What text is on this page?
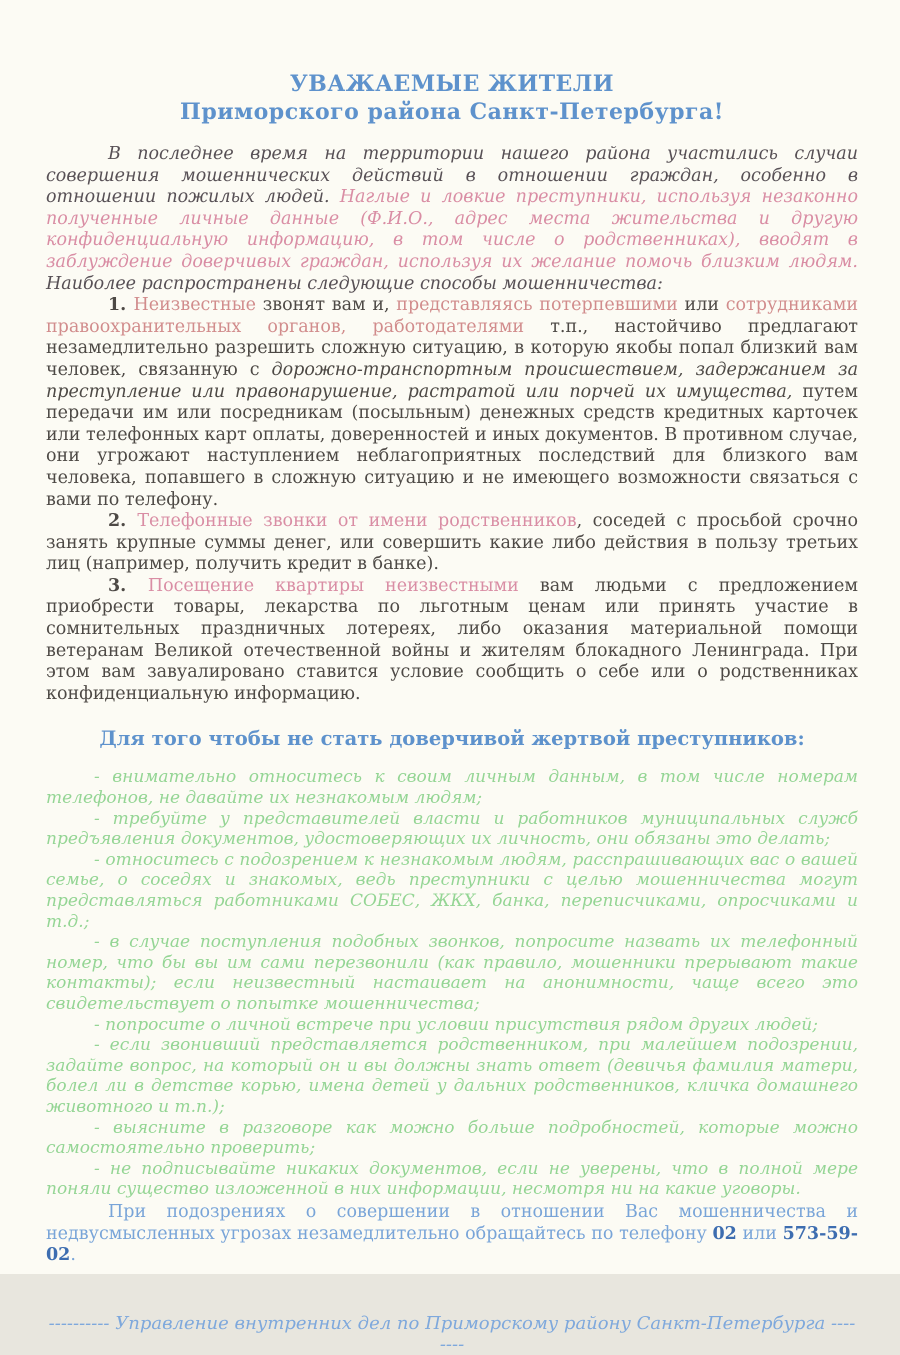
УВАЖАЕМЫЕ ЖИТЕЛИ
Приморского района Санкт-Петербурга!

В последнее время на территории нашего района участились случаи совершения мошеннических действий в отношении граждан, особенно в отношении пожилых людей. Наглые и ловкие преступники, используя незаконно полученные личные данные (Ф.И.О., адрес места жительства и другую конфиденциальную информацию, в том числе о родственниках), вводят в заблуждение доверчивых граждан, используя их желание помочь близким людям. Наиболее распространены следующие способы мошенничества:

1. Неизвестные звонят вам и, представляясь потерпевшими или сотрудниками правоохранительных органов, работодателями т.п., настойчиво предлагают незамедлительно разрешить сложную ситуацию, в которую якобы попал близкий вам человек, связанную с дорожно-транспортным происшествием, задержанием за преступление или правонарушение, растратой или порчей их имущества, путем передачи им или посредникам (посыльным) денежных средств кредитных карточек или телефонных карт оплаты, доверенностей и иных документов. В противном случае, они угрожают наступлением неблагоприятных последствий для близкого вам человека, попавшего в сложную ситуацию и не имеющего возможности связаться с вами по телефону.

2. Телефонные звонки от имени родственников, соседей с просьбой срочно занять крупные суммы денег, или совершить какие либо действия в пользу третьих лиц (например, получить кредит в банке).

3. Посещение квартиры неизвестными вам людьми с предложением приобрести товары, лекарства по льготным ценам или принять участие в сомнительных праздничных лотереях, либо оказания материальной помощи ветеранам Великой отечественной войны и жителям блокадного Ленинграда. При этом вам завуалировано ставится условие сообщить о себе или о родственниках конфиденциальную информацию.

Для того чтобы не стать доверчивой жертвой преступников:

- внимательно относитесь к своим личным данным, в том числе номерам телефонов, не давайте их незнакомым людям;

- требуйте у представителей власти и работников муниципальных служб предъявления документов, удостоверяющих их личность, они обязаны это делать;

- относитесь с подозрением к незнакомым людям, расспрашивающих вас о вашей семье, о соседях и знакомых, ведь преступники с целью мошенничества могут представляться работниками СОБЕС, ЖКХ, банка, переписчиками, опросчиками и т.д.;

- в случае поступления подобных звонков, попросите назвать их телефонный номер, что бы вы им сами перезвонили (как правило, мошенники прерывают такие контакты); если неизвестный настаивает на анонимности, чаще всего это свидетельствует о попытке мошенничества;

- попросите о личной встрече при условии присутствия рядом других людей;

- если звонивший представляется родственником, при малейшем подозрении, задайте вопрос, на который он и вы должны знать ответ (девичья фамилия матери, болел ли в детстве корью, имена детей у дальних родственников, кличка домашнего животного и т.п.);

- выясните в разговоре как можно больше подробностей, которые можно самостоятельно проверить;

- не подписывайте никаких документов, если не уверены, что в полной мере поняли существо изложенной в них информации, несмотря ни на какие уговоры.

При подозрениях о совершении в отношении Вас мошенничества и недвусмысленных угрозах незамедлительно обращайтесь по телефону 02 или 573-59-02.

---------- Управление внутренних дел по Приморскому району Санкт-Петербурга --------
